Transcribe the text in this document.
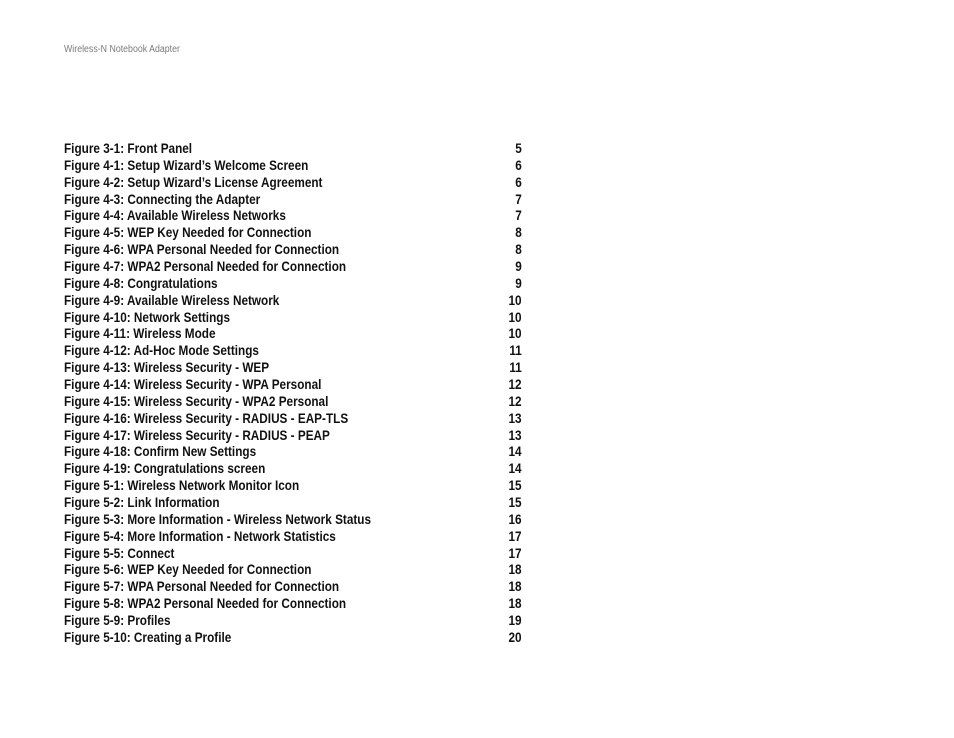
Wireless-N Notebook Adapter
Figure 3-1: Front Panel	5
Figure 4-1: Setup Wizard’s Welcome Screen	6
Figure 4-2: Setup Wizard’s License Agreement	6
Figure 4-3: Connecting the Adapter	7
Figure 4-4: Available Wireless Networks	7
Figure 4-5: WEP Key Needed for Connection	8
Figure 4-6: WPA Personal Needed for Connection	8
Figure 4-7: WPA2 Personal Needed for Connection	9
Figure 4-8: Congratulations	9
Figure 4-9: Available Wireless Network	10
Figure 4-10: Network Settings	10
Figure 4-11: Wireless Mode	10
Figure 4-12: Ad-Hoc Mode Settings	11
Figure 4-13: Wireless Security - WEP	11
Figure 4-14: Wireless Security - WPA Personal	12
Figure 4-15: Wireless Security - WPA2 Personal	12
Figure 4-16: Wireless Security - RADIUS - EAP-TLS	13
Figure 4-17: Wireless Security - RADIUS - PEAP	13
Figure 4-18: Confirm New Settings	14
Figure 4-19: Congratulations screen	14
Figure 5-1: Wireless Network Monitor Icon	15
Figure 5-2: Link Information	15
Figure 5-3: More Information - Wireless Network Status	16
Figure 5-4: More Information - Network Statistics	17
Figure 5-5: Connect	17
Figure 5-6: WEP Key Needed for Connection	18
Figure 5-7: WPA Personal Needed for Connection	18
Figure 5-8: WPA2 Personal Needed for Connection	18
Figure 5-9: Profiles	19
Figure 5-10: Creating a Profile	20
